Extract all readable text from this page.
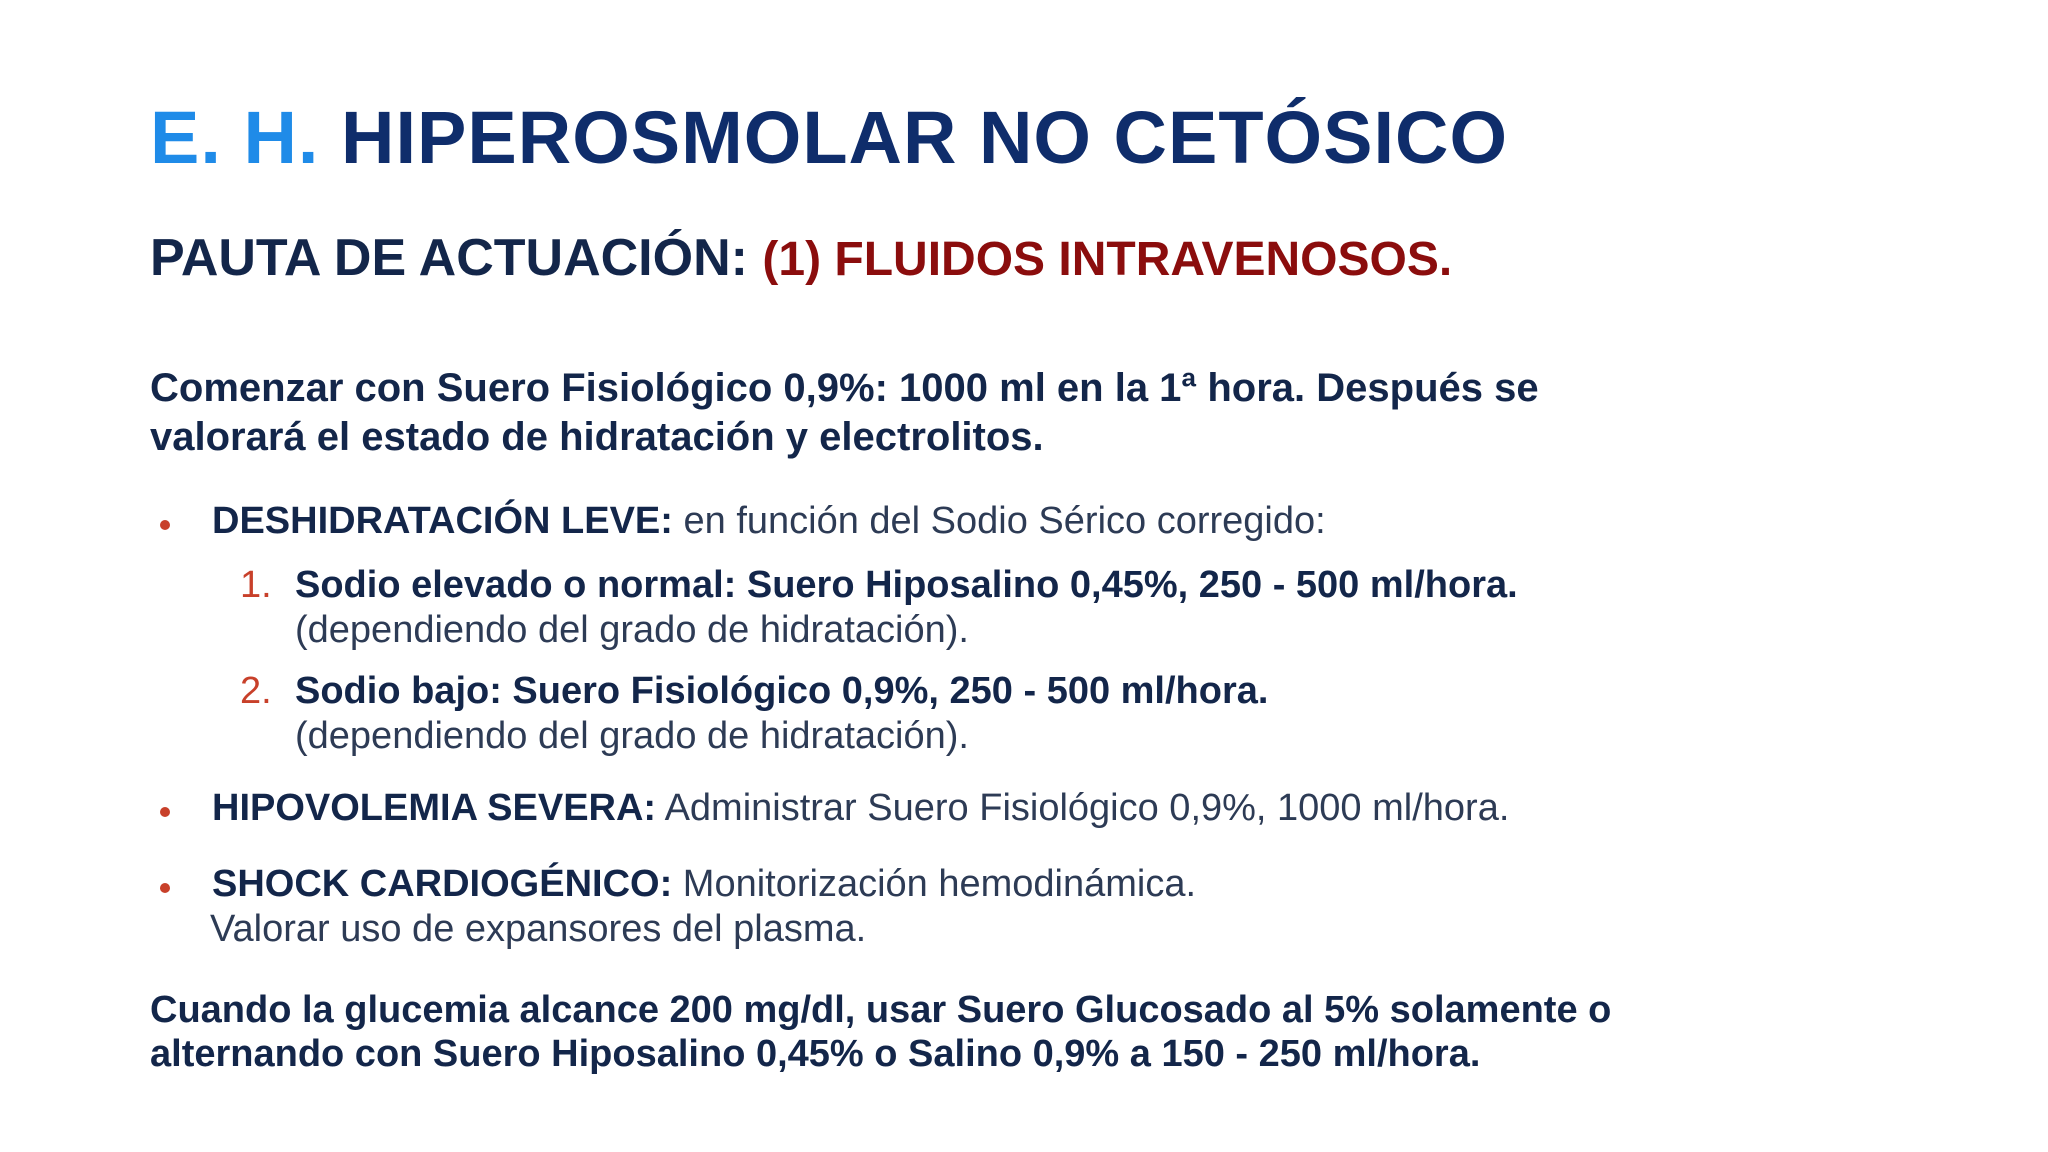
E. H. HIPEROSMOLAR NO CETÓSICO
PAUTA DE ACTUACIÓN: (1) FLUIDOS INTRAVENOSOS.
Comenzar con Suero Fisiológico 0,9%: 1000 ml en la 1ª hora. Después se
valorará el estado de hidratación y electrolitos.
DESHIDRATACIÓN LEVE: en función del Sodio Sérico corregido:
1. Sodio elevado o normal: Suero Hiposalino 0,45%, 250 - 500 ml/hora.
(dependiendo del grado de hidratación).
2. Sodio bajo: Suero Fisiológico 0,9%, 250 - 500 ml/hora.
(dependiendo del grado de hidratación).
HIPOVOLEMIA SEVERA: Administrar Suero Fisiológico 0,9%, 1000 ml/hora.
SHOCK CARDIOGÉNICO: Monitorización hemodinámica.
Valorar uso de expansores del plasma.
Cuando la glucemia alcance 200 mg/dl, usar Suero Glucosado al 5% solamente o
alternando con Suero Hiposalino 0,45% o Salino 0,9% a 150 - 250 ml/hora.
